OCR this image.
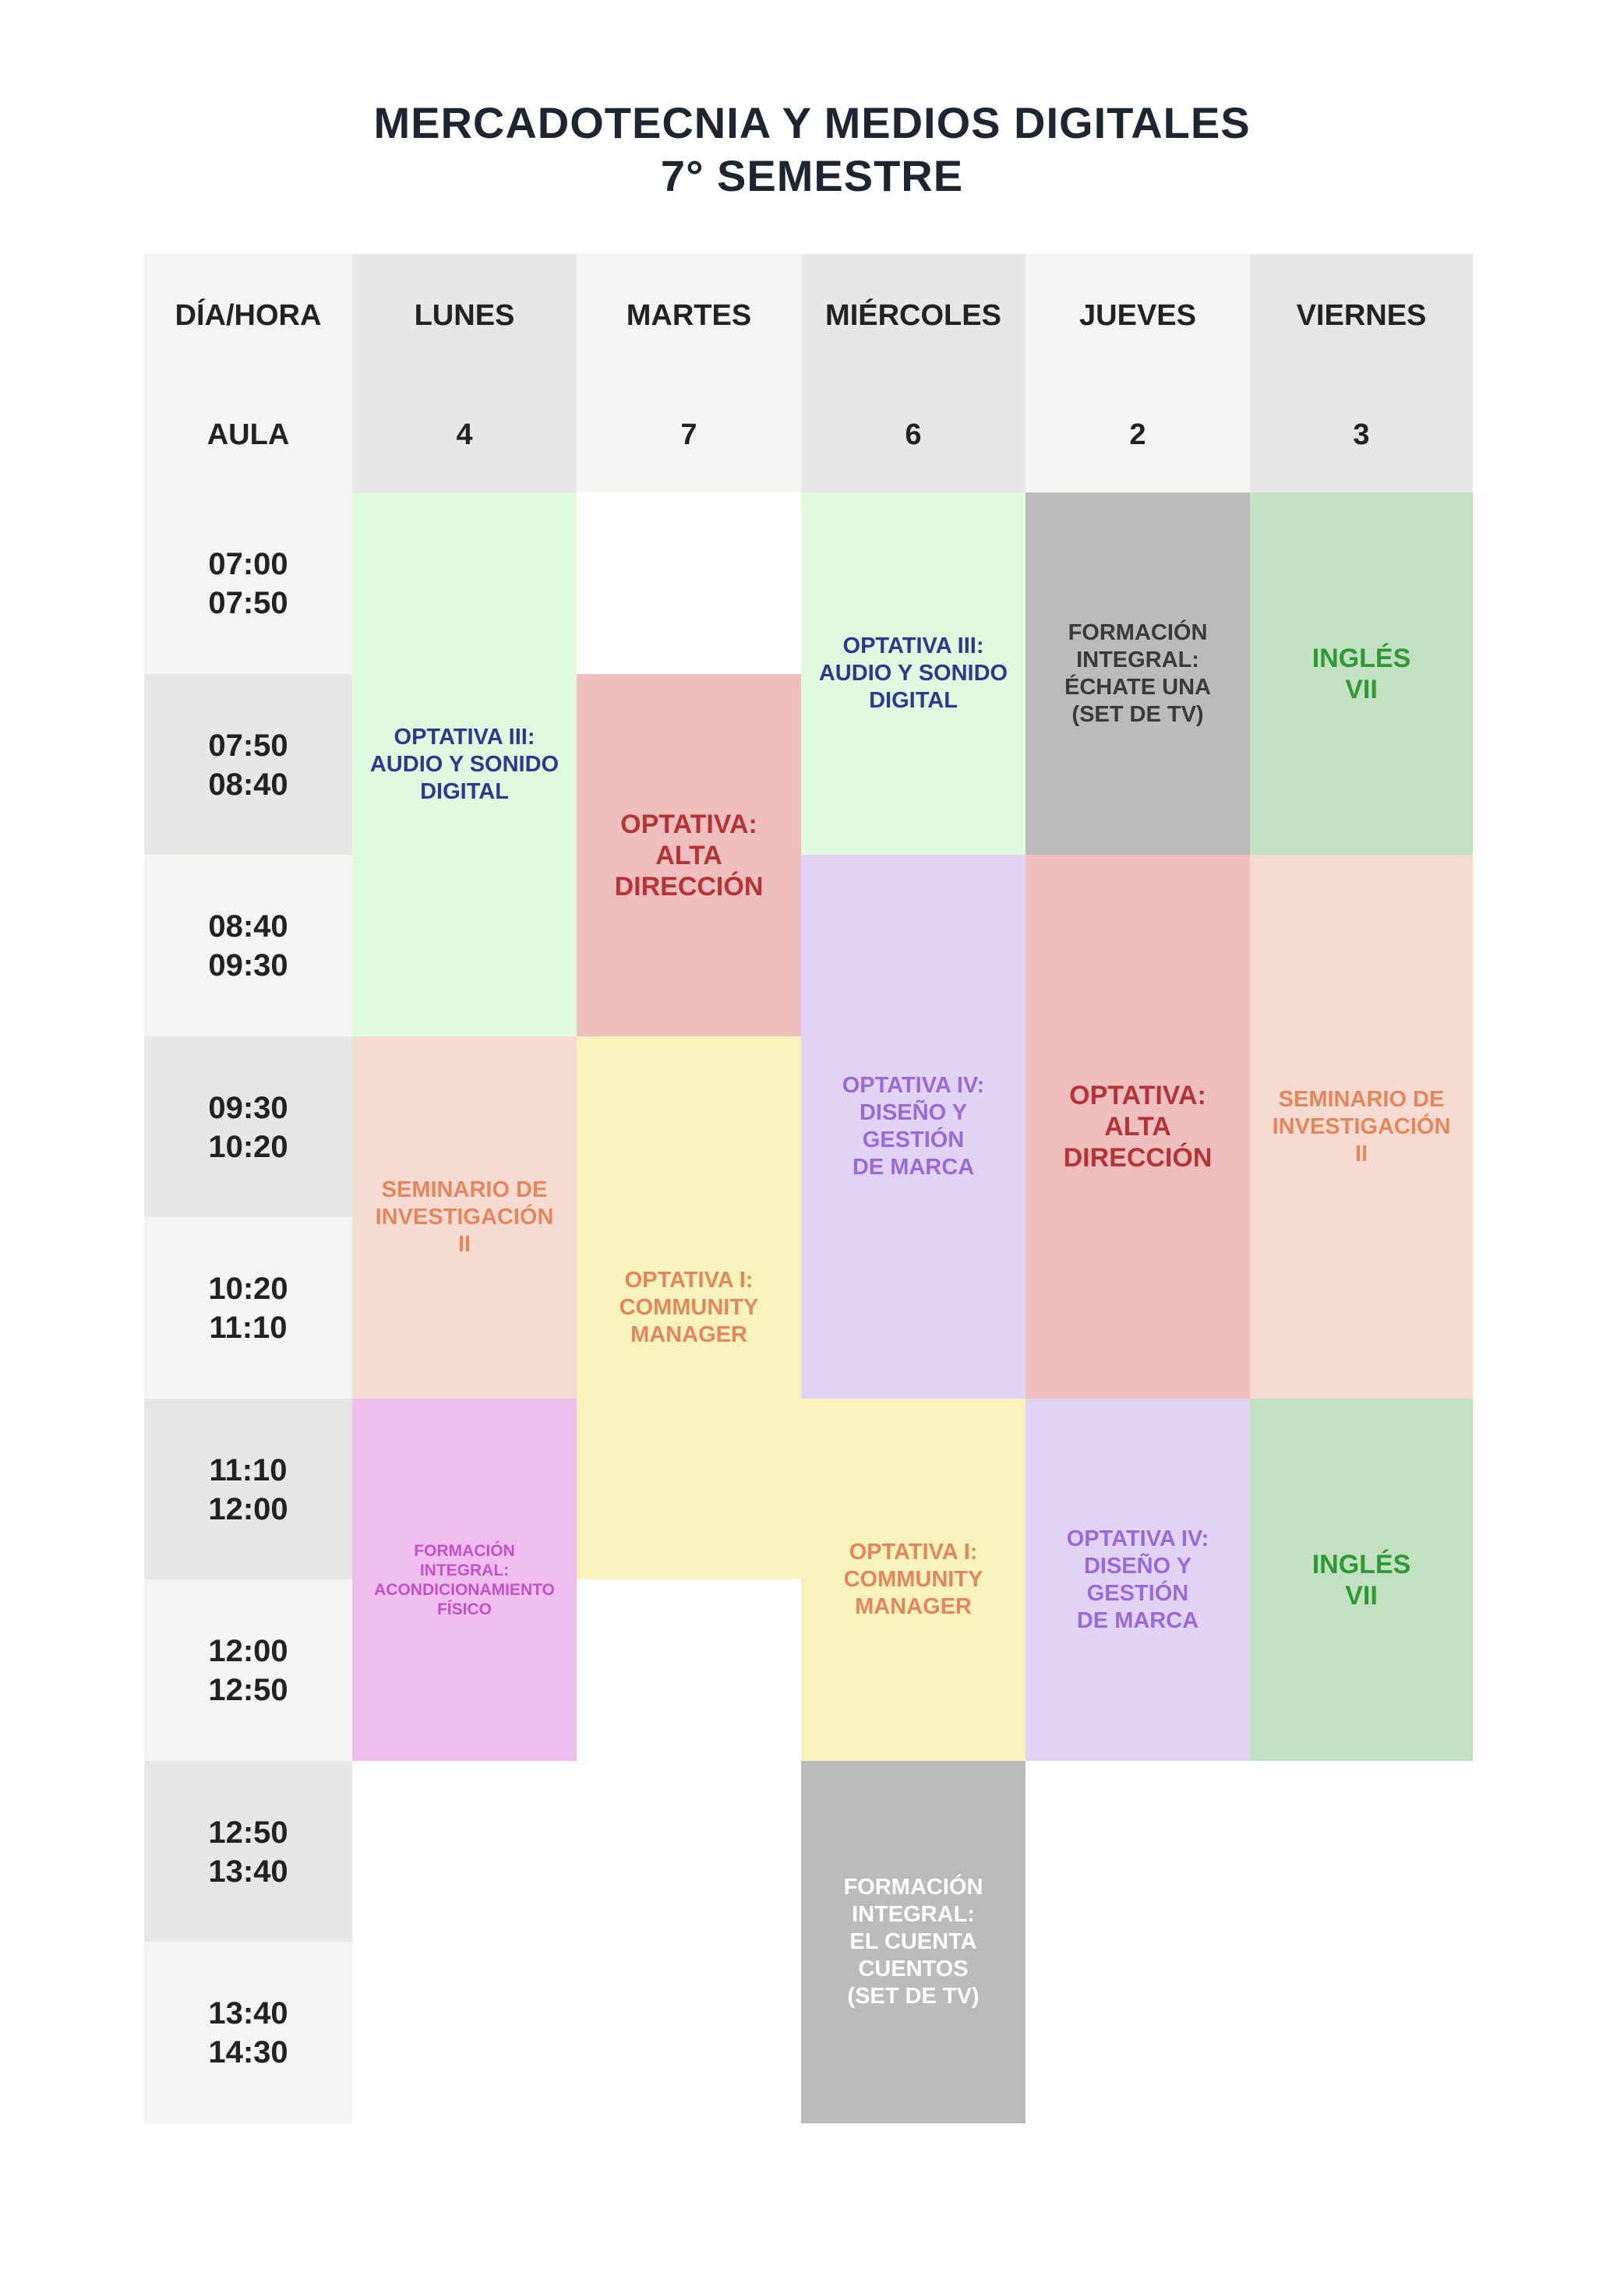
MERCADOTECNIA Y MEDIOS DIGITALES
7° SEMESTRE
DÍA/HORA
AULA
LUNES
4
MARTES
7
MIÉRCOLES
6
JUEVES
2
VIERNES
3
07:00
07:50
07:50
08:40
08:40
09:30
09:30
10:20
10:20
11:10
11:10
12:00
12:00
12:50
12:50
13:40
13:40
14:30
OPTATIVA III:
AUDIO Y SONIDO
DIGITAL
SEMINARIO DE
INVESTIGACIÓN
II
FORMACIÓN
INTEGRAL:
ACONDICIONAMIENTO
FÍSICO
OPTATIVA:
ALTA
DIRECCIÓN
OPTATIVA I:
COMMUNITY
MANAGER
OPTATIVA III:
AUDIO Y SONIDO
DIGITAL
OPTATIVA IV:
DISEÑO Y
GESTIÓN
DE MARCA
OPTATIVA I:
COMMUNITY
MANAGER
FORMACIÓN
INTEGRAL:
EL CUENTA
CUENTOS
(SET DE TV)
FORMACIÓN
INTEGRAL:
ÉCHATE UNA
(SET DE TV)
OPTATIVA:
ALTA
DIRECCIÓN
OPTATIVA IV:
DISEÑO Y
GESTIÓN
DE MARCA
INGLÉS
VII
SEMINARIO DE
INVESTIGACIÓN
II
INGLÉS
VII
